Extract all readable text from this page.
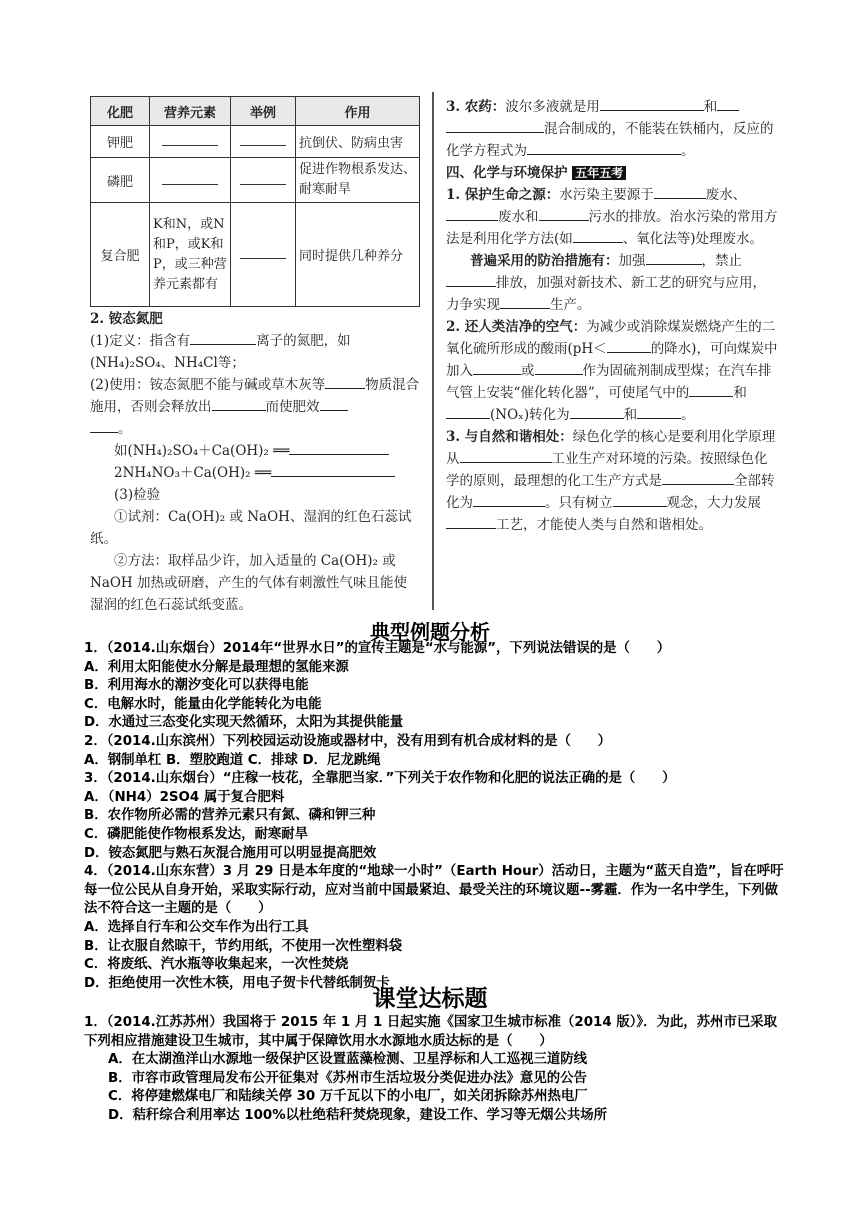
化肥	营养元素	举例	作用
钾肥			抗倒伏、防病虫害
磷肥			促进作物根系发达、耐寒耐旱
复合肥	K和N，或N和P，或K和P，或三种营养元素都有		同时提供几种养分

2. 铵态氮肥

(1)定义：指含有	离子的氮肥，如(NH₄)₂SO₄、NH₄Cl等；

(2)使用：铵态氮肥不能与碱或草木灰等	物质混合施用，否则会释放出	而使肥效
。

如(NH₄)₂SO₄＋Ca(OH)₂ ══

2NH₄NO₃＋Ca(OH)₂ ══

(3)检验

①试剂：Ca(OH)₂ 或 NaOH、湿润的红色石蕊试纸。

②方法：取样品少许，加入适量的 Ca(OH)₂ 或 NaOH 加热或研磨，产生的气体有刺激性气味且能使湿润的红色石蕊试纸变蓝。

3. 农药：波尔多液就是用	和
混合制成的，不能装在铁桶内，反应的化学方程式为	。

四、化学与环境保护 五年五考

1. 保护生命之源：水污染主要源于	废水、废水和	污水的排放。治水污染的常用方法是利用化学方法(如	、氧化法等)处理废水。

普遍采用的防治措施有：加强	，禁止排放，加强对新技术、新工艺的研究与应用，力争实现	生产。

2. 还人类洁净的空气：为减少或消除煤炭燃烧产生的二氧化硫所形成的酸雨(pH＜	的降水)，可向煤炭中加入	或	作为固硫剂制成型煤；在汽车排气管上安装“催化转化器”，可使尾气中的	和(NOₓ)转化为	和	。

3. 与自然和谐相处：绿色化学的核心是要利用化学原理从	工业生产对环境的污染。按照绿色化学的原则，最理想的化工生产方式是	全部转化为	。只有树立	观念，大力发展工艺，才能使人类与自然和谐相处。

典型例题分析

1．（2014.山东烟台）2014年“世界水日”的宣传主题是“水与能源”，下列说法错误的是（　　）

A．利用太阳能使水分解是最理想的氢能来源

B．利用海水的潮汐变化可以获得电能

C．电解水时，能量由化学能转化为电能

D．水通过三态变化实现天然循环，太阳为其提供能量

2．（2014.山东滨州）下列校园运动设施或器材中，没有用到有机合成材料的是（　　）

A．钢制单杠 B．塑胶跑道 C．排球 D．尼龙跳绳

3．（2014.山东烟台）“庄稼一枝花，全靠肥当家．”下列关于农作物和化肥的说法正确的是（　　）

A．（NH4）2SO4 属于复合肥料

B．农作物所必需的营养元素只有氮、磷和钾三种

C．磷肥能使作物根系发达，耐寒耐旱

D．铵态氮肥与熟石灰混合施用可以明显提高肥效

4．（2014.山东东营）3 月 29 日是本年度的“地球一小时”（Earth Hour）活动日，主题为“蓝天自造”，旨在呼吁每一位公民从自身开始，采取实际行动，应对当前中国最紧迫、最受关注的环境议题--雾霾．作为一名中学生，下列做法不符合这一主题的是（　　）

A．选择自行车和公交车作为出行工具

B．让衣服自然晾干，节约用纸，不使用一次性塑料袋

C．将废纸、汽水瓶等收集起来，一次性焚烧

D．拒绝使用一次性木筷，用电子贺卡代替纸制贺卡

课堂达标题

1．（2014.江苏苏州）我国将于 2015 年 1 月 1 日起实施《国家卫生城市标准（2014 版）》．为此，苏州市已采取下列相应措施建设卫生城市，其中属于保障饮用水水源地水质达标的是（　　）

A．在太湖渔洋山水源地一级保护区设置蓝藻检测、卫星浮标和人工巡视三道防线

B．市容市政管理局发布公开征集对《苏州市生活垃圾分类促进办法》意见的公告

C．将停建燃煤电厂和陆续关停 30 万千瓦以下的小电厂，如关闭拆除苏州热电厂

D．秸秆综合利用率达 100%以杜绝秸秆焚烧现象，建设工作、学习等无烟公共场所
